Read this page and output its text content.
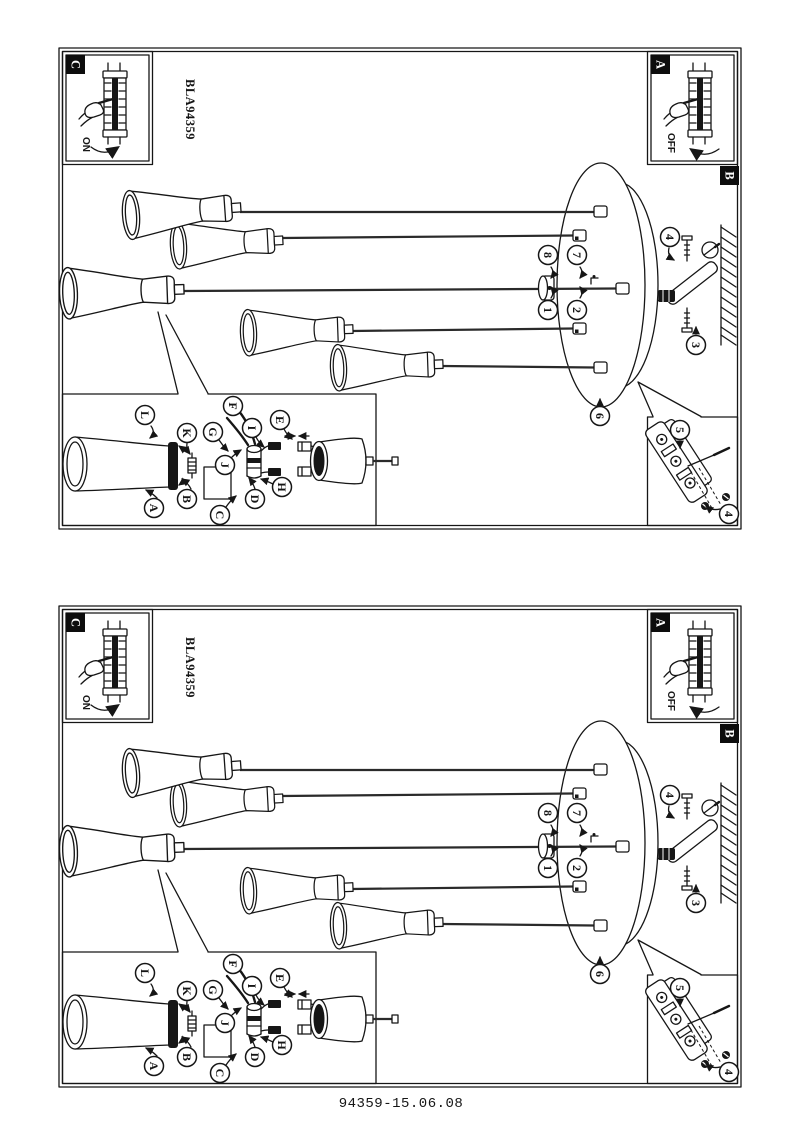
94359-15.06.08
